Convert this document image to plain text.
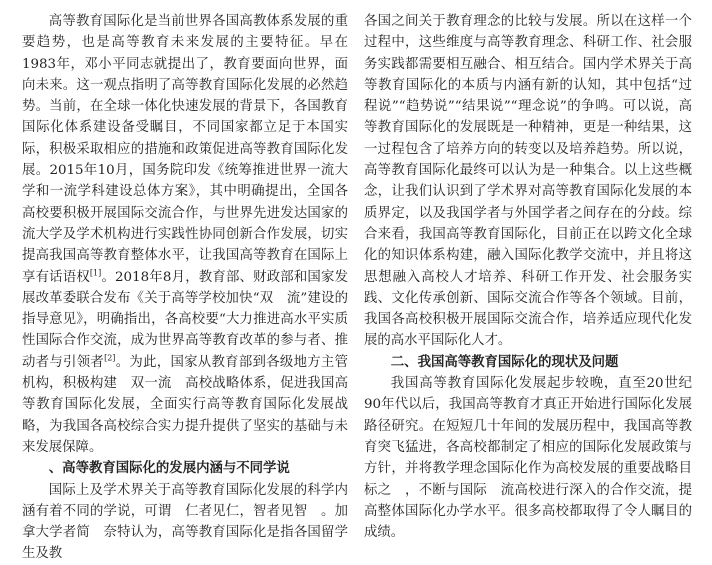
高等教育国际化是当前世界各国高教体系发展的重要趋势，也是高等教育未来发展的主要特征。早在1983年，邓小平同志就提出了，教育要面向世界，面向未来。这一观点指明了高等教育国际化发展的必然趋势。当前，在全球一体化快速发展的背景下，各国教育国际化体系建设备受瞩目，不同国家都立足于本国实际，积极采取相应的措施和政策促进高等教育国际化发展。2015年10月，国务院印发《统筹推进世界一流大学和一流学科建设总体方案》，其中明确提出，全国各高校要积极开展国际交流合作，与世界先进发达国家的　流大学及学术机构进行实践性协同创新合作发展，切实提高我国高等教育整体水平，让我国高等教育在国际上享有话语权[1]。2018年8月，教育部、财政部和国家发展改革委联合发布《关于高等学校加快“双　流”建设的指导意见》，明确指出，各高校要“大力推进高水平实质性国际合作交流，成为世界高等教育改革的参与者、推动者与引领者[2]。为此，国家从教育部到各级地方主管机构，积极构建　双一流　高校战略体系，促进我国高等教育国际化发展，全面实行高等教育国际化发展战略，为我国各高校综合实力提升提供了坚实的基础与未来发展保障。

、高等教育国际化的发展内涵与不同学说

国际上及学术界关于高等教育国际化发展的科学内涵有着不同的学说，可谓　仁者见仁，智者见智　。加拿大学者简　奈特认为，高等教育国际化是指各国留学生及教

各国之间关于教育理念的比较与发展。所以在这样一个过程中，这些维度与高等教育理念、科研工作、社会服务实践都需要相互融合、相互结合。国内学术界关于高等教育国际化的本质与内涵有新的认知，其中包括“过程说”“趋势说”“结果说”“理念说”的争鸣。可以说，高等教育国际化的发展既是一种精神，更是一种结果，这一过程包含了培养方向的转变以及培养趋势。所以说，高等教育国际化最终可以认为是一种集合。以上这些概念，让我们认识到了学术界对高等教育国际化发展的本质界定，以及我国学者与外国学者之间存在的分歧。综合来看，我国高等教育国际化，目前正在以跨文化全球化的知识体系构建，融入国际化教学交流中，并且将这　思想融入高校人才培养、科研工作开发、社会服务实践、文化传承创新、国际交流合作等各个领域。目前，我国各高校积极开展国际交流合作，培养适应现代化发展的高水平国际化人才。

二、我国高等教育国际化的现状及问题

我国高等教育国际化发展起步较晚，直至20世纪90年代以后，我国高等教育才真正开始进行国际化发展路径研究。在短短几十年间的发展历程中，我国高等教育突飞猛进，各高校都制定了相应的国际化发展政策与方针，并将教学理念国际化作为高校发展的重要战略目标之　，不断与国际　流高校进行深入的合作交流，提高整体国际化办学水平。很多高校都取得了令人瞩目的成绩。
